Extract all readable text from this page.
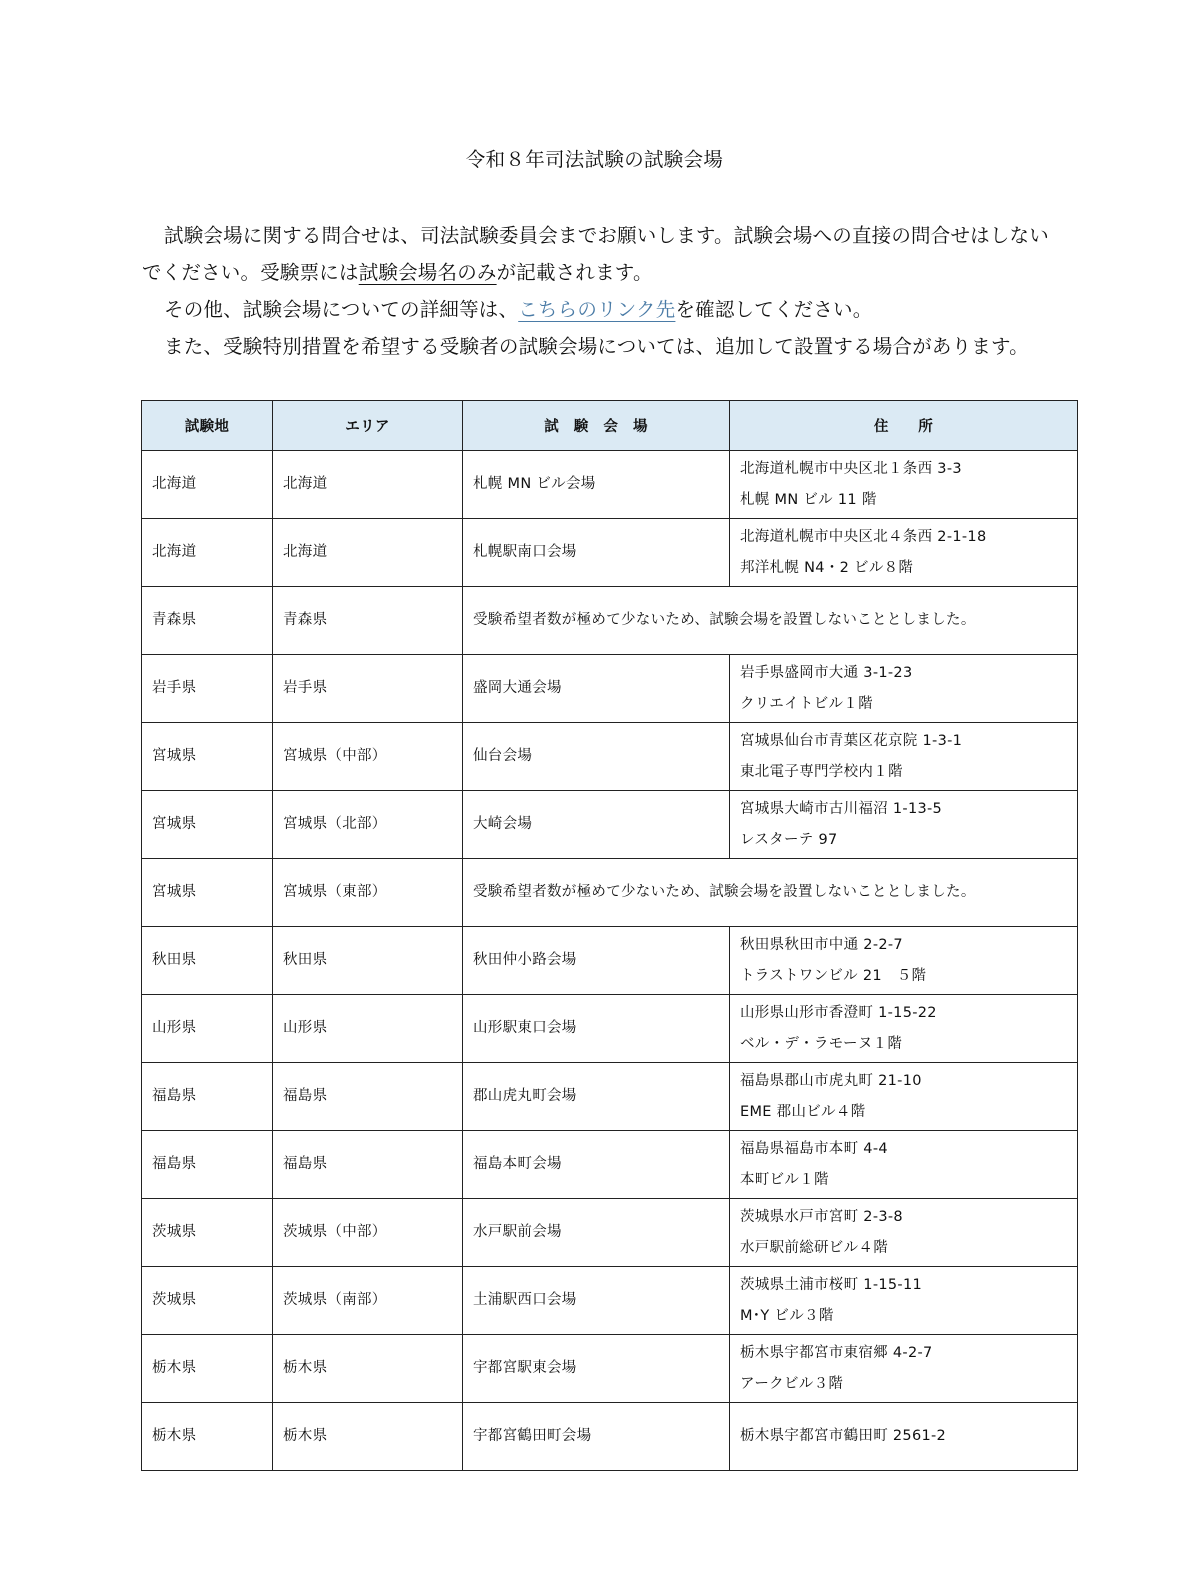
令和８年司法試験の試験会場

試験会場に関する問合せは、司法試験委員会までお願いします。試験会場への直接の問合せはしないでください。受験票には試験会場名のみが記載されます。

その他、試験会場についての詳細等は、こちらのリンク先を確認してください。

また、受験特別措置を希望する受験者の試験会場については、追加して設置する場合があります。

試験地	エリア	試　験　会　場	住　　所
北海道	北海道	札幌 MN ビル会場	北海道札幌市中央区北１条西 3-3
札幌 MN ビル 11 階

北海道	北海道	札幌駅南口会場	北海道札幌市中央区北４条西 2-1-18
邦洋札幌 N4・2 ビル８階

青森県	青森県	受験希望者数が極めて少ないため、試験会場を設置しないこととしました。	
岩手県	岩手県	盛岡大通会場	岩手県盛岡市大通 3-1-23
クリエイトビル１階

宮城県	宮城県（中部）	仙台会場	宮城県仙台市青葉区花京院 1-3-1
東北電子専門学校内１階

宮城県	宮城県（北部）	大崎会場	宮城県大崎市古川福沼 1-13-5
レスターテ 97

宮城県	宮城県（東部）	受験希望者数が極めて少ないため、試験会場を設置しないこととしました。	
秋田県	秋田県	秋田仲小路会場	秋田県秋田市中通 2-2-7
トラストワンビル 21　５階

山形県	山形県	山形駅東口会場	山形県山形市香澄町 1-15-22
ベル・デ・ラモーヌ１階

福島県	福島県	郡山虎丸町会場	福島県郡山市虎丸町 21-10
EME 郡山ビル４階

福島県	福島県	福島本町会場	福島県福島市本町 4-4
本町ビル１階

茨城県	茨城県（中部）	水戸駅前会場	茨城県水戸市宮町 2-3-8
水戸駅前総研ビル４階

茨城県	茨城県（南部）	土浦駅西口会場	茨城県土浦市桜町 1-15-11
M･Y ビル３階

栃木県	栃木県	宇都宮駅東会場	栃木県宇都宮市東宿郷 4-2-7
アークビル３階

栃木県	栃木県	宇都宮鶴田町会場	栃木県宇都宮市鶴田町 2561-2
